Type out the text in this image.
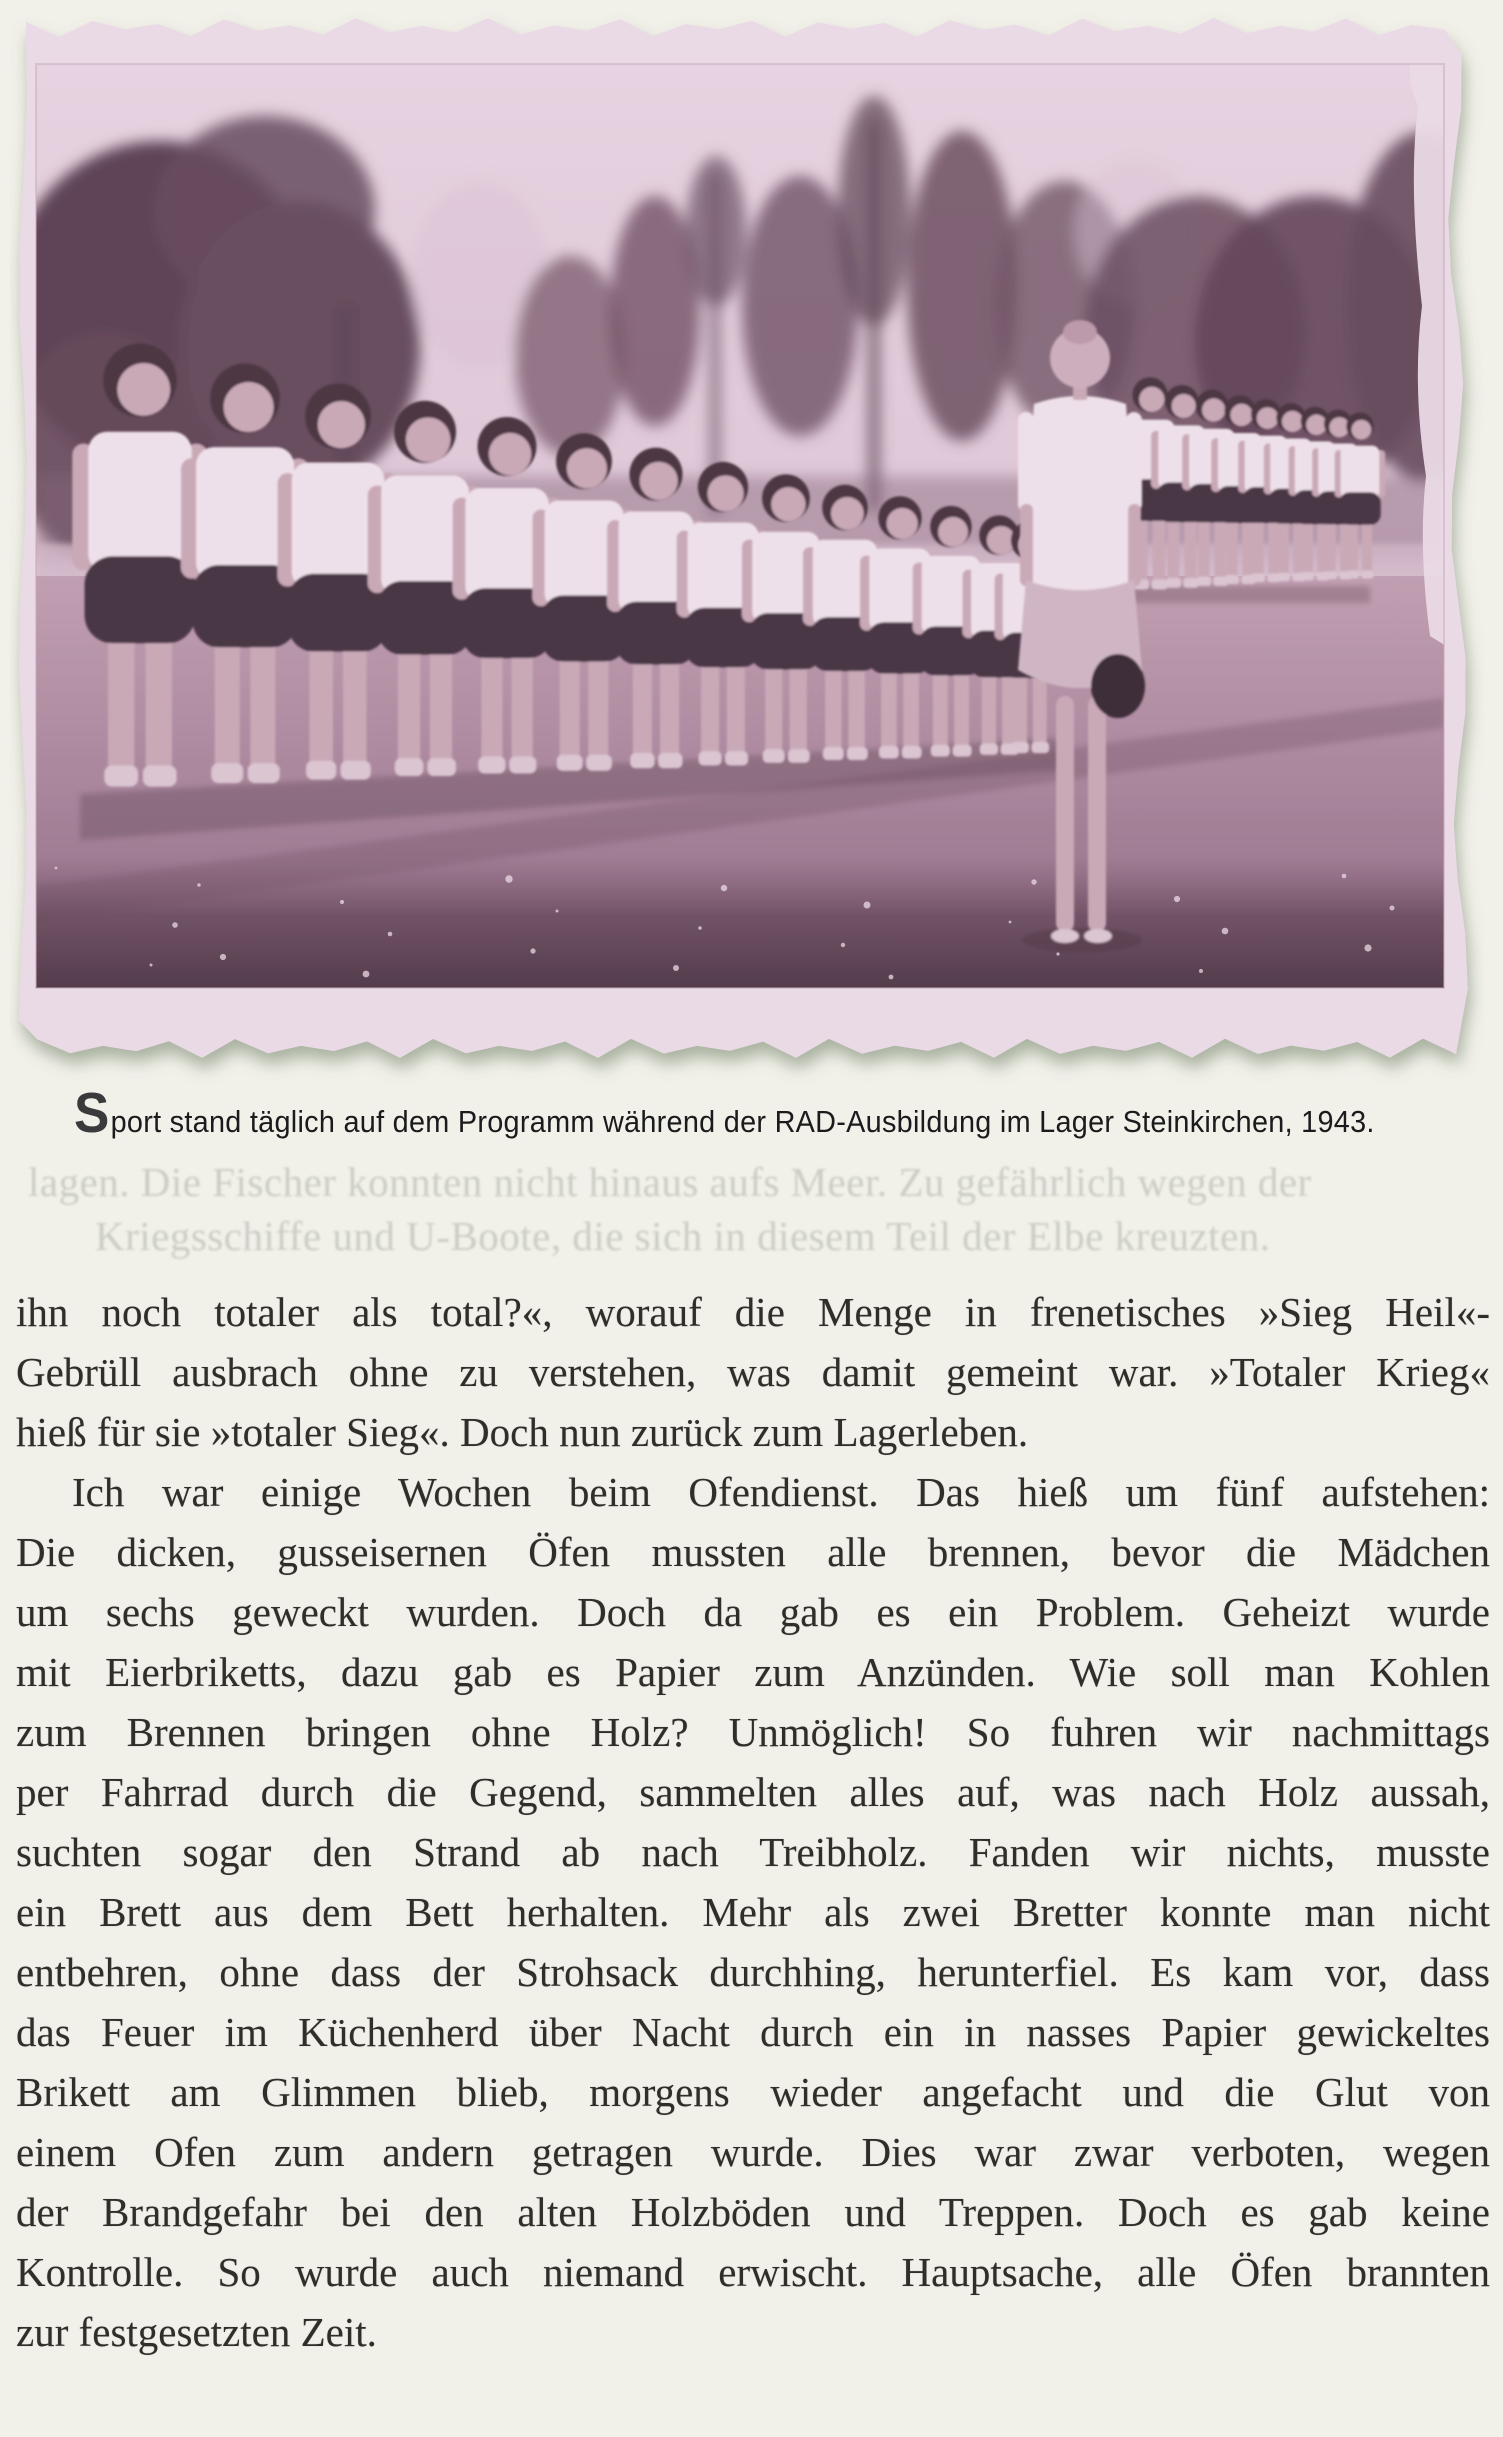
Sport stand täglich auf dem Programm während der RAD-Ausbildung im Lager Steinkirchen, 1943.
lagen. Die Fischer konnten nicht hinaus aufs Meer. Zu gefährlich wegen der
Kriegsschiffe und U-Boote, die sich in diesem Teil der Elbe kreuzten.
ihn noch totaler als total?«, worauf die Menge in frenetisches »Sieg Heil«-
Gebrüll ausbrach ohne zu verstehen, was damit gemeint war. »Totaler Krieg«
hieß für sie »totaler Sieg«. Doch nun zurück zum Lagerleben.
Ich war einige Wochen beim Ofendienst. Das hieß um fünf aufstehen:
Die dicken, gusseisernen Öfen mussten alle brennen, bevor die Mädchen
um sechs geweckt wurden. Doch da gab es ein Problem. Geheizt wurde
mit Eierbriketts, dazu gab es Papier zum Anzünden. Wie soll man Kohlen
zum Brennen bringen ohne Holz? Unmöglich! So fuhren wir nachmittags
per Fahrrad durch die Gegend, sammelten alles auf, was nach Holz aussah,
suchten sogar den Strand ab nach Treibholz. Fanden wir nichts, musste
ein Brett aus dem Bett herhalten. Mehr als zwei Bretter konnte man nicht
entbehren, ohne dass der Strohsack durchhing, herunterfiel. Es kam vor, dass
das Feuer im Küchenherd über Nacht durch ein in nasses Papier gewickeltes
Brikett am Glimmen blieb, morgens wieder angefacht und die Glut von
einem Ofen zum andern getragen wurde. Dies war zwar verboten, wegen
der Brandgefahr bei den alten Holzböden und Treppen. Doch es gab keine
Kontrolle. So wurde auch niemand erwischt. Hauptsache, alle Öfen brannten
zur festgesetzten Zeit.
